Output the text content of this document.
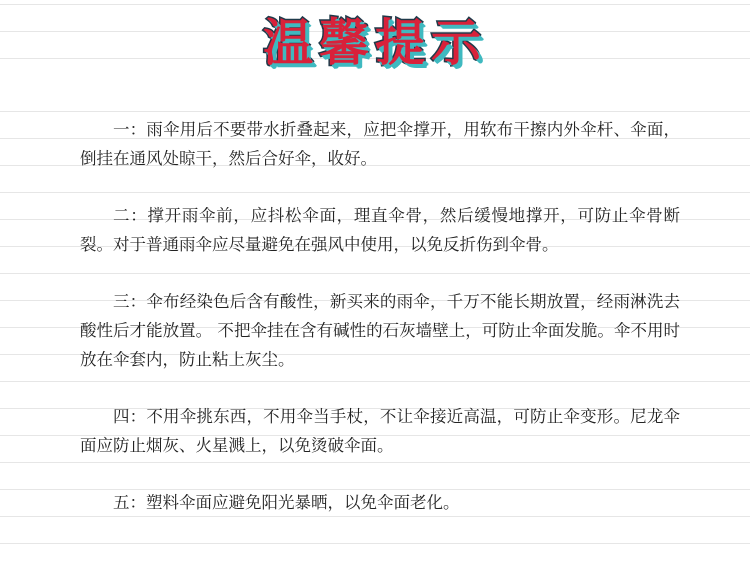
温馨提示

一：雨伞用后不要带水折叠起来，应把伞撑开，用软布干擦内外伞杆、伞面，倒挂在通风处晾干，然后合好伞，收好。

二：撑开雨伞前，应抖松伞面，理直伞骨，然后缓慢地撑开，可防止伞骨断裂。对于普通雨伞应尽量避免在强风中使用，以免反折伤到伞骨。

三：伞布经染色后含有酸性，新买来的雨伞，千万不能长期放置，经雨淋洗去酸性后才能放置。 不把伞挂在含有碱性的石灰墙壁上，可防止伞面发脆。伞不用时放在伞套内，防止粘上灰尘。

四：不用伞挑东西，不用伞当手杖，不让伞接近高温，可防止伞变形。尼龙伞面应防止烟灰、火星溅上，以免烫破伞面。

五：塑料伞面应避免阳光暴晒，以免伞面老化。
